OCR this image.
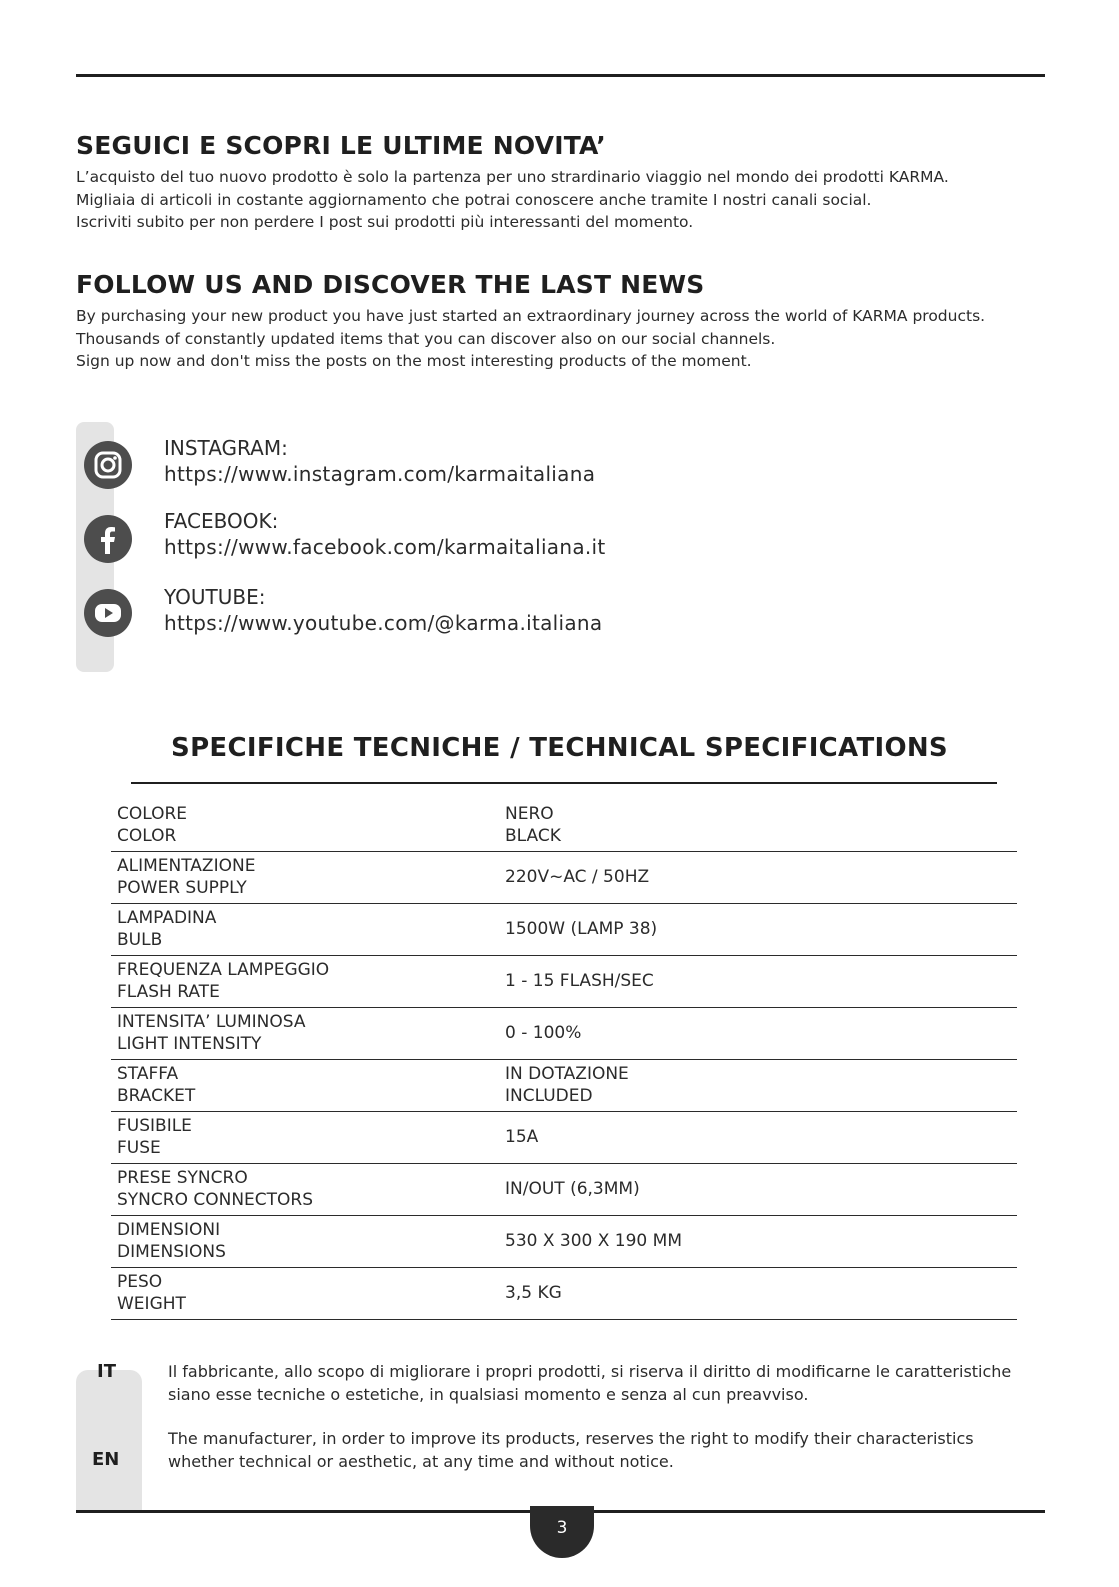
SEGUICI E SCOPRI LE ULTIME NOVITA’

L’acquisto del tuo nuovo prodotto è solo la partenza per uno strardinario viaggio nel mondo dei prodotti KARMA.

Migliaia di articoli in costante aggiornamento che potrai conoscere anche tramite I nostri canali social.

Iscriviti subito per non perdere I post sui prodotti più interessanti del momento.

FOLLOW US AND DISCOVER THE LAST NEWS

By purchasing your new product you have just started an extraordinary journey across the world of KARMA products.

Thousands of constantly updated items that you can discover also on our social channels.

Sign up now and don't miss the posts on the most interesting products of the moment.

INSTAGRAM:
https://www.instagram.com/karmaitaliana
FACEBOOK:
https://www.facebook.com/karmaitaliana.it
YOUTUBE:
https://www.youtube.com/@karma.italiana
SPECIFICHE TECNICHE / TECHNICAL SPECIFICATIONS
COLORE
COLOR	NERO
BLACK

ALIMENTAZIONE
POWER SUPPLY	220V~AC / 50HZ

LAMPADINA
BULB	1500W (LAMP 38)

FREQUENZA LAMPEGGIO
FLASH RATE	1 - 15 FLASH/SEC

INTENSITA’ LUMINOSA
LIGHT INTENSITY	0 - 100%

STAFFA
BRACKET	IN DOTAZIONE
INCLUDED

FUSIBILE
FUSE	15A

PRESE SYNCRO
SYNCRO CONNECTORS	IN/OUT (6,3MM)

DIMENSIONI
DIMENSIONS	530 X 300 X 190 MM

PESO
WEIGHT	3,5 KG
IT
EN

Il fabbricante, allo scopo di migliorare i propri prodotti, si riserva il diritto di modificarne le caratteristiche siano esse tecniche o estetiche, in qualsiasi momento e senza al cun preavviso.

The manufacturer, in order to improve its products, reserves the right to modify their characteristics whether technical or aesthetic, at any time and without notice.

3
